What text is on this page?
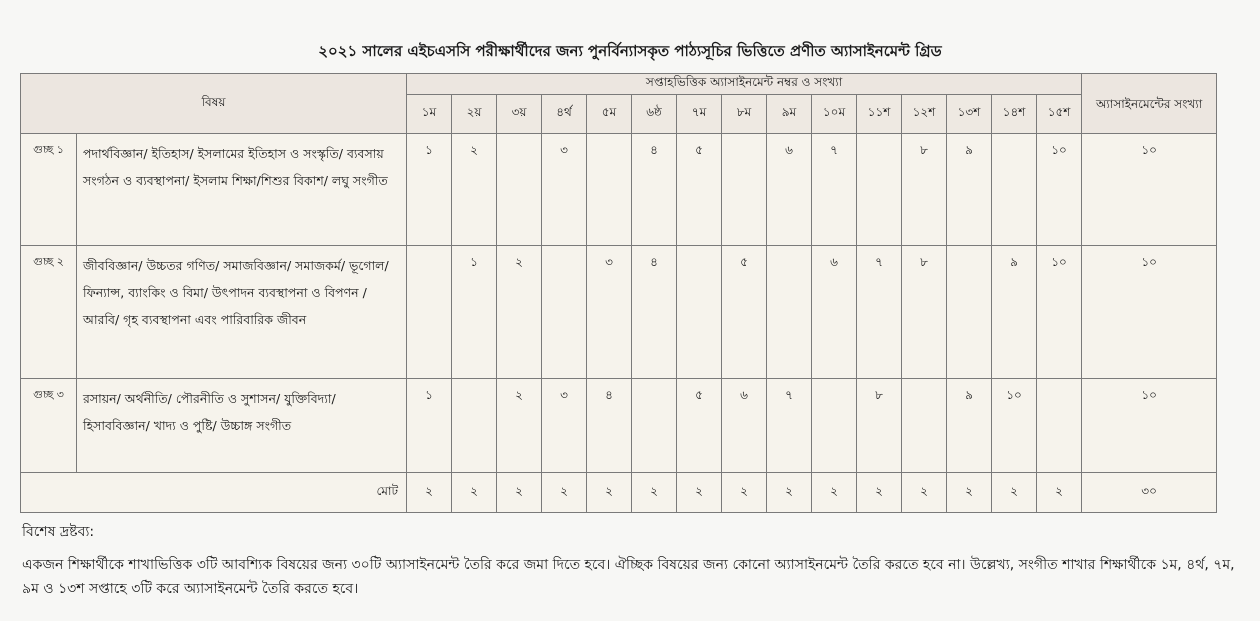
২০২১ সালের এইচএসসি পরীক্ষার্থীদের জন্য পুনর্বিন্যাসকৃত পাঠ্যসূচির ভিত্তিতে প্রণীত অ্যাসাইনমেন্ট গ্রিড
বিষয়		সপ্তাহভিত্তিক অ্যাসাইনমেন্ট নম্বর ও সংখ্যা															অ্যাসাইনমেন্টের সংখ্যা
		১ম	২য়	৩য়	৪র্থ	৫ম	৬ষ্ঠ	৭ম	৮ম	৯ম	১০ম	১১শ	১২শ	১৩শ	১৪শ	১৫শ	
গুচ্ছ ১	পদার্থবিজ্ঞান/ ইতিহাস/ ইসলামের ইতিহাস ও সংস্কৃতি/ ব্যবসায় সংগঠন ও ব্যবস্থাপনা/ ইসলাম শিক্ষা/শিশুর বিকাশ/ লঘু সংগীত	১	২		৩		৪	৫		৬	৭		৮	৯		১০	১০
গুচ্ছ ২	জীববিজ্ঞান/ উচ্চতর গণিত/ সমাজবিজ্ঞান/ সমাজকর্ম/ ভূগোল/ ফিন্যান্স, ব্যাংকিং ও বিমা/ উৎপাদন ব্যবস্থাপনা ও বিপণন /আরবি/ গৃহ ব্যবস্থাপনা এবং পারিবারিক জীবন		১	২		৩	৪		৫		৬	৭	৮		৯	১০	১০
গুচ্ছ ৩	রসায়ন/ অর্থনীতি/ পৌরনীতি ও সুশাসন/ যুক্তিবিদ্যা/ হিসাববিজ্ঞান/ খাদ্য ও পুষ্টি/ উচ্চাঙ্গ সংগীত	১		২	৩	৪		৫	৬	৭		৮		৯	১০		১০
মোট		২	২	২	২	২	২	২	২	২	২	২	২	২	২	২	৩০
বিশেষ দ্রষ্টব্য:
একজন শিক্ষার্থীকে শাখাভিত্তিক ৩টি আবশ্যিক বিষয়ের জন্য ৩০টি অ্যাসাইনমেন্ট তৈরি করে জমা দিতে হবে। ঐচ্ছিক বিষয়ের জন্য কোনো অ্যাসাইনমেন্ট তৈরি করতে হবে না। উল্লেখ্য, সংগীত শাখার শিক্ষার্থীকে ১ম, ৪র্থ, ৭ম, ৯ম ও ১৩শ সপ্তাহে ৩টি করে অ্যাসাইনমেন্ট তৈরি করতে হবে।
